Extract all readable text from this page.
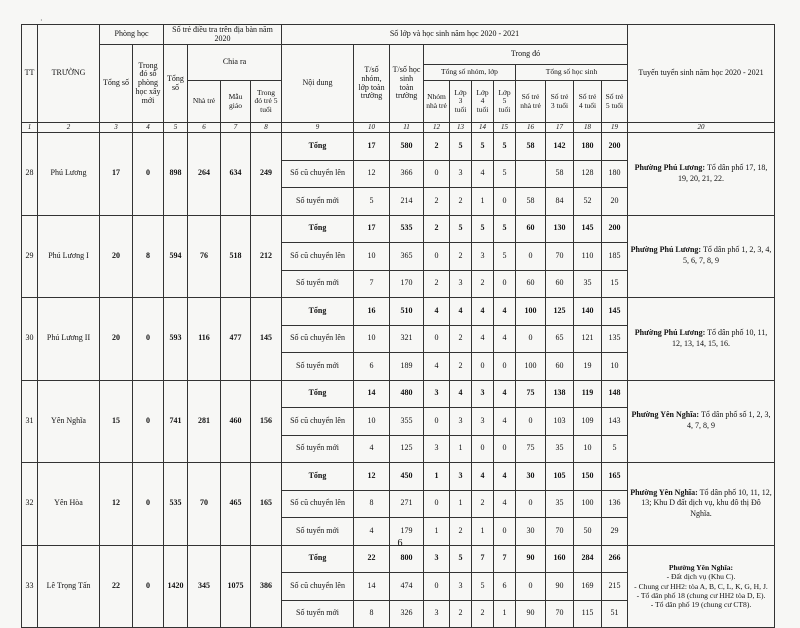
·
TT	TRƯỜNG	Phòng học		Số trẻ điều tra trên địa bàn năm 2020				Số lớp và học sinh năm học 2020 - 2021											Tuyến tuyển sinh năm học 2020 - 2021
		Tổng số	Trong đó số phòng học xây mới	Tổng số	Chia ra			Nội dung	T/số nhóm, lớp toàn trường	T/số học sinh toàn trường	Trong đó								
											Tổng số nhóm, lớp				Tổng số học sinh				
					Nhà trẻ	Mẫu giáo	Trong đó trẻ 5 tuổi				Nhóm nhà trẻ	Lớp 3 tuổi	Lớp 4 tuổi	Lớp 5 tuổi	Số trẻ nhà trẻ	Số trẻ 3 tuổi	Số trẻ 4 tuổi	Số trẻ 5 tuổi	
1	2	3	4	5	6	7	8	9	10	11	12	13	14	15	16	17	18	19	20
28	Phú Lương	17	0	898	264	634	249	Tổng	17	580	2	5	5	5	58	142	180	200	Phường Phú Lương: Tổ dân phố 17, 18, 19, 20, 21, 22.
								Số cũ chuyển lên	12	366	0	3	4	5		58	128	180	
								Số tuyển mới	5	214	2	2	1	0	58	84	52	20	
29	Phú Lương I	20	8	594	76	518	212	Tổng	17	535	2	5	5	5	60	130	145	200	Phường Phú Lương: Tổ dân phố 1, 2, 3, 4, 5, 6, 7, 8, 9
								Số cũ chuyển lên	10	365	0	2	3	5	0	70	110	185	
								Số tuyển mới	7	170	2	3	2	0	60	60	35	15	
30	Phú Lương II	20	0	593	116	477	145	Tổng	16	510	4	4	4	4	100	125	140	145	Phường Phú Lương: Tổ dân phố 10, 11, 12, 13, 14, 15, 16.
								Số cũ chuyển lên	10	321	0	2	4	4	0	65	121	135	
								Số tuyển mới	6	189	4	2	0	0	100	60	19	10	
31	Yên Nghĩa	15	0	741	281	460	156	Tổng	14	480	3	4	3	4	75	138	119	148	Phường Yên Nghĩa: Tổ dân phố số 1, 2, 3, 4, 7, 8, 9
								Số cũ chuyển lên	10	355	0	3	3	4	0	103	109	143	
								Số tuyển mới	4	125	3	1	0	0	75	35	10	5	
32	Yên Hòa	12	0	535	70	465	165	Tổng	12	450	1	3	4	4	30	105	150	165	Phường Yên Nghĩa: Tổ dân phố 10, 11, 12, 13; Khu D đất dịch vụ, khu đô thị Đô Nghĩa.
								Số cũ chuyển lên	8	271	0	1	2	4	0	35	100	136	
								Số tuyển mới	4	179	1	2	1	0	30	70	50	29	
33	Lê Trọng Tấn	22	0	1420	345	1075	386	Tổng	22	800	3	5	7	7	90	160	284	266	Phường Yên Nghĩa:
- Đất dịch vụ (Khu C).
- Chung cư HH2: tòa A, B, C, L, K, G, H, J.
- Tổ dân phố 18 (chung cư HH2 tòa D, E).
- Tổ dân phố 19 (chung cư CT8).

								Số cũ chuyển lên	14	474	0	3	5	6	0	90	169	215	
								Số tuyển mới	8	326	3	2	2	1	90	70	115	51	
6
